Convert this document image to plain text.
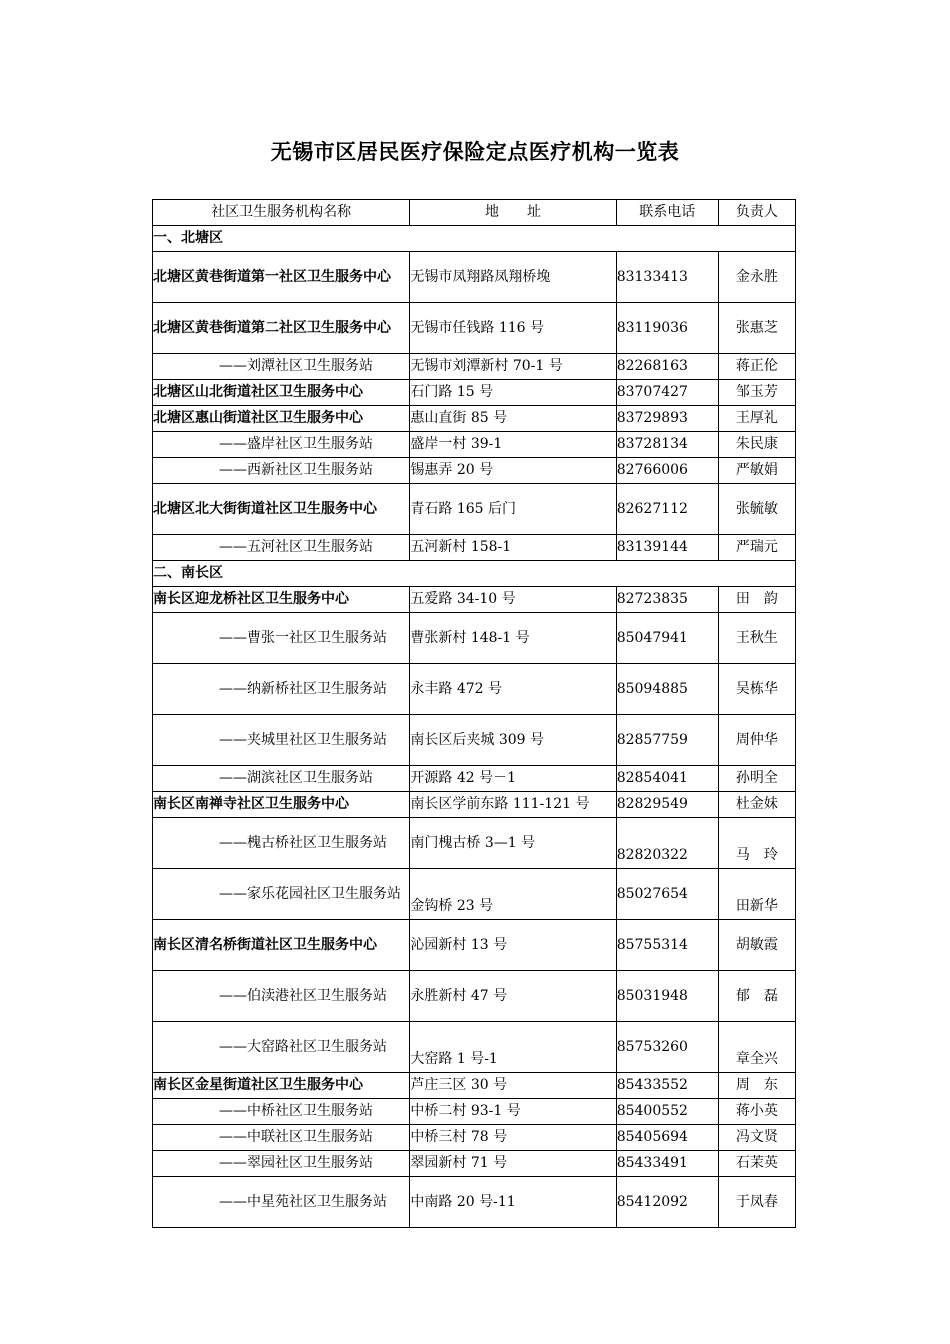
无锡市区居民医疗保险定点医疗机构一览表
社区卫生服务机构名称	地　　址	联系电话	负责人
一、北塘区			
北塘区黄巷街道第一社区卫生服务中心	无锡市凤翔路凤翔桥堍	83133413	金永胜
北塘区黄巷街道第二社区卫生服务中心	无锡市任钱路 116 号	83119036	张惠芝
——刘潭社区卫生服务站	无锡市刘潭新村 70-1 号	82268163	蒋正伦
北塘区山北街道社区卫生服务中心	石门路 15 号	83707427	邹玉芳
北塘区惠山街道社区卫生服务中心	惠山直街 85 号	83729893	王厚礼
——盛岸社区卫生服务站	盛岸一村 39-1	83728134	朱民康
——西新社区卫生服务站	锡惠弄 20 号	82766006	严敏娟
北塘区北大街街道社区卫生服务中心	青石路 165 后门	82627112	张毓敏
——五河社区卫生服务站	五河新村 158-1	83139144	严瑞元
二、南长区			
南长区迎龙桥社区卫生服务中心	五爱路 34-10 号	82723835	田　韵
——曹张一社区卫生服务站	曹张新村 148-1 号	85047941	王秋生
——纳新桥社区卫生服务站	永丰路 472 号	85094885	吴栋华
——夹城里社区卫生服务站	南长区后夹城 309 号	82857759	周仲华
——湖滨社区卫生服务站	开源路 42 号－1	82854041	孙明全
南长区南禅寺社区卫生服务中心	南长区学前东路 111-121 号	82829549	杜金妹
——槐古桥社区卫生服务站	南门槐古桥 3—1 号	82820322	马　玲
——家乐花园社区卫生服务站	金钩桥 23 号	85027654	田新华
南长区清名桥街道社区卫生服务中心	沁园新村 13 号	85755314	胡敏霞
——伯渎港社区卫生服务站	永胜新村 47 号	85031948	郁　磊
——大窑路社区卫生服务站	大窑路 1 号-1	85753260	章全兴
南长区金星街道社区卫生服务中心	芦庄三区 30 号	85433552	周　东
——中桥社区卫生服务站	中桥二村 93-1 号	85400552	蒋小英
——中联社区卫生服务站	中桥三村 78 号	85405694	冯文贤
——翠园社区卫生服务站	翠园新村 71 号	85433491	石茉英
——中星苑社区卫生服务站	中南路 20 号-11	85412092	于凤春
